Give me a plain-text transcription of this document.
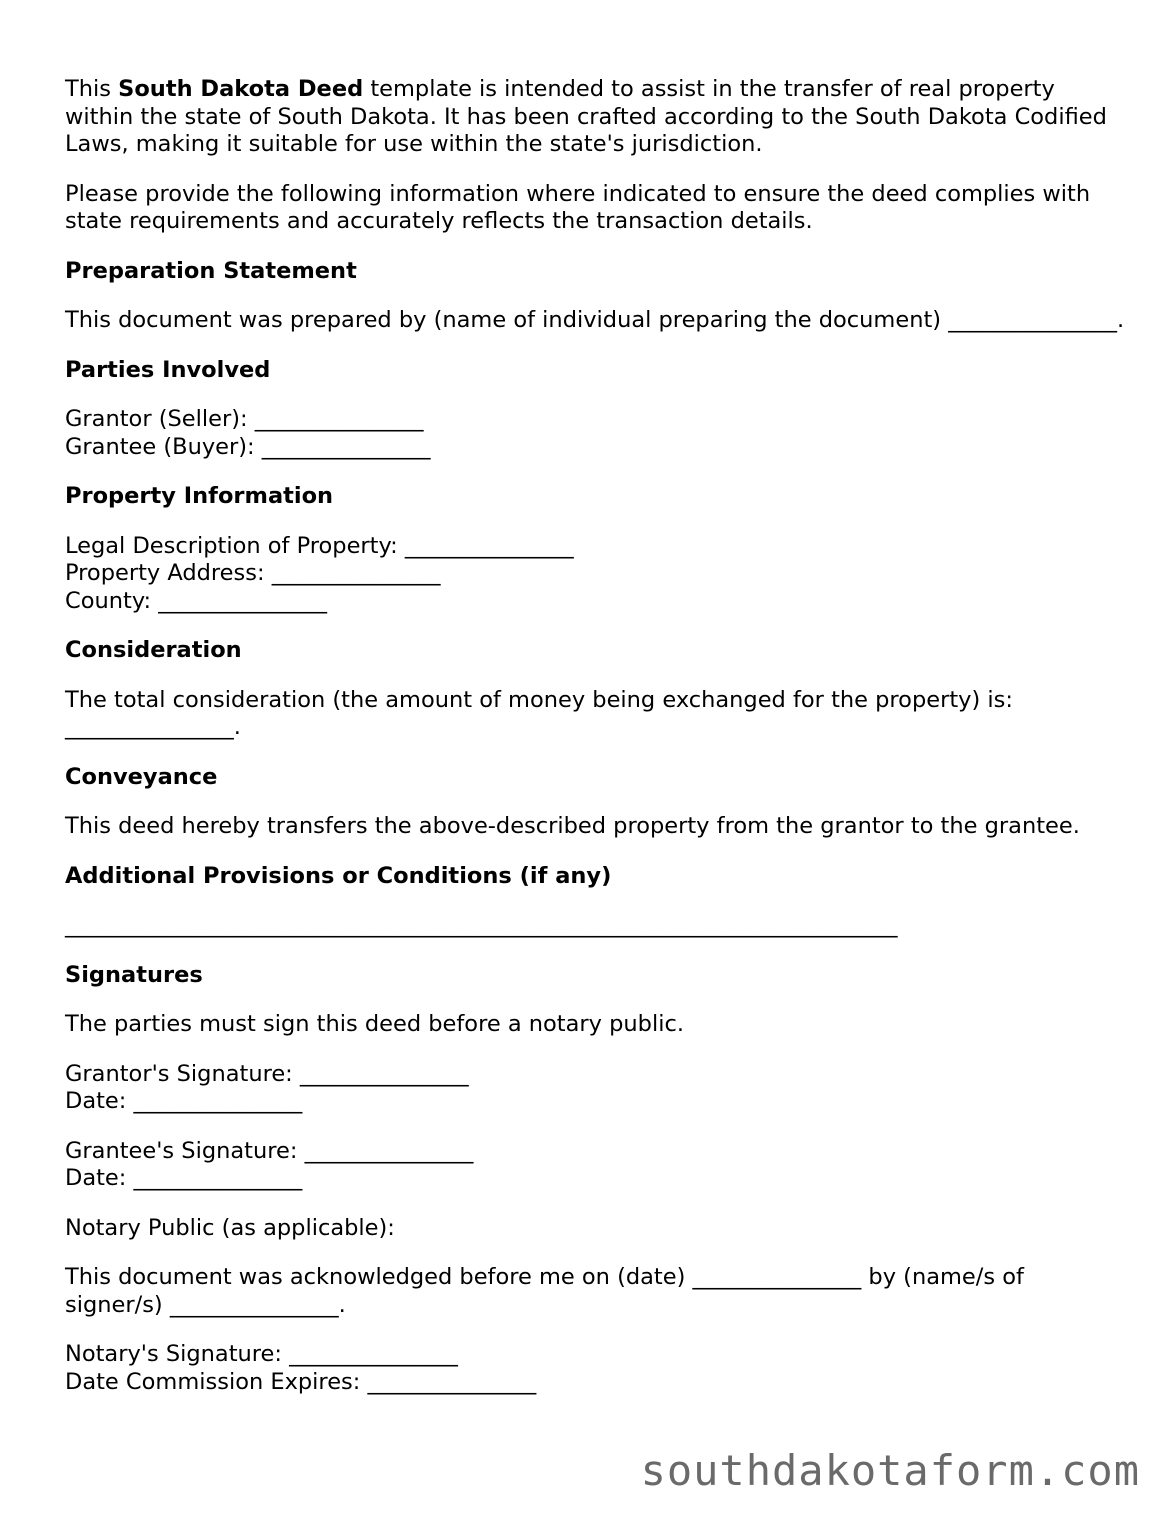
This South Dakota Deed template is intended to assist in the transfer of real property within the state of South Dakota. It has been crafted according to the South Dakota Codified Laws, making it suitable for use within the state's jurisdiction.

Please provide the following information where indicated to ensure the deed complies with state requirements and accurately reflects the transaction details.

Preparation Statement

This document was prepared by (name of individual preparing the document) _______________.

Parties Involved

Grantor (Seller): _______________
Grantee (Buyer): _______________

Property Information

Legal Description of Property: _______________
Property Address: _______________
County: _______________

Consideration

The total consideration (the amount of money being exchanged for the property) is: _______________.

Conveyance

This deed hereby transfers the above-described property from the grantor to the grantee.

Additional Provisions or Conditions (if any)

__________________________________________________________________________

Signatures

The parties must sign this deed before a notary public.

Grantor's Signature: _______________
Date: _______________
Grantee's Signature: _______________
Date: _______________

Notary Public (as applicable):

This document was acknowledged before me on (date) _______________ by (name/s of signer/s) _______________.

Notary's Signature: _______________
Date Commission Expires: _______________
southdakotaform.com
